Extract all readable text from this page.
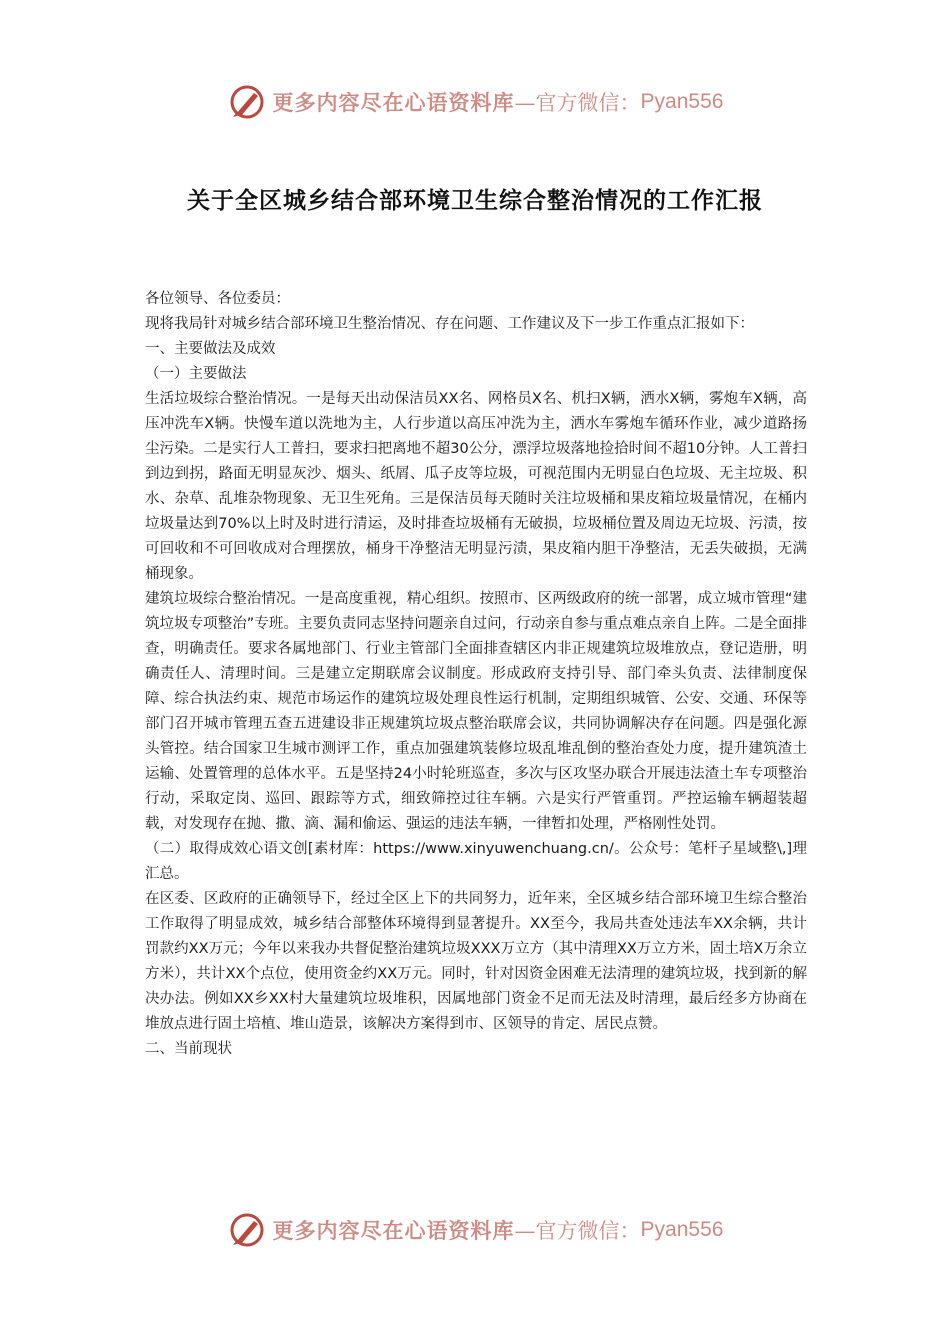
更多内容尽在心语资料库 —官方微信： Pyan556
关于全区城乡结合部环境卫生综合整治情况的工作汇报

各位领导、各位委员：

现将我局针对城乡结合部环境卫生整治情况、存在问题、工作建议及下一步工作重点汇报如下：

一、主要做法及成效

（一）主要做法

生活垃圾综合整治情况。一是每天出动保洁员XX名、网格员X名、机扫X辆，洒水X辆，雾炮车X辆，高压冲洗车X辆。快慢车道以洗地为主，人行步道以高压冲洗为主，洒水车雾炮车循环作业，减少道路扬尘污染。二是实行人工普扫，要求扫把离地不超30公分，漂浮垃圾落地捡拾时间不超10分钟。人工普扫到边到拐，路面无明显灰沙、烟头、纸屑、瓜子皮等垃圾，可视范围内无明显白色垃圾、无主垃圾、积水、杂草、乱堆杂物现象、无卫生死角。三是保洁员每天随时关注垃圾桶和果皮箱垃圾量情况，在桶内垃圾量达到70%以上时及时进行清运，及时排查垃圾桶有无破损，垃圾桶位置及周边无垃圾、污渍，按可回收和不可回收成对合理摆放，桶身干净整洁无明显污渍，果皮箱内胆干净整洁，无丢失破损，无满桶现象。

建筑垃圾综合整治情况。一是高度重视，精心组织。按照市、区两级政府的统一部署，成立城市管理“建筑垃圾专项整治”专班。主要负责同志坚持问题亲自过问，行动亲自参与重点难点亲自上阵。二是全面排查，明确责任。要求各属地部门、行业主管部门全面排查辖区内非正规建筑垃圾堆放点，登记造册，明确责任人、清理时间。三是建立定期联席会议制度。形成政府支持引导、部门牵头负责、法律制度保障、综合执法约束、规范市场运作的建筑垃圾处理良性运行机制，定期组织城管、公安、交通、环保等部门召开城市管理五查五进建设非正规建筑垃圾点整治联席会议，共同协调解决存在问题。四是强化源头管控。结合国家卫生城市测评工作，重点加强建筑装修垃圾乱堆乱倒的整治查处力度，提升建筑渣土运输、处置管理的总体水平。五是坚持24小时轮班巡查，多次与区攻坚办联合开展违法渣土车专项整治行动，采取定岗、巡回、跟踪等方式，细致筛控过往车辆。六是实行严管重罚。严控运输车辆超装超载，对发现存在抛、撒、滴、漏和偷运、强运的违法车辆，一律暂扣处理，严格刚性处罚。

（二）取得成效心语文创[素材库：https://www.xinyuwenchuang.cn/。公众号：笔杆子星域整\,]理汇总。

在区委、区政府的正确领导下，经过全区上下的共同努力，近年来，全区城乡结合部环境卫生综合整治工作取得了明显成效，城乡结合部整体环境得到显著提升。XX至今，我局共查处违法车XX余辆，共计罚款约XX万元；今年以来我办共督促整治建筑垃圾XXX万立方（其中清理XX万立方米，固土培X万余立方米），共计XX个点位，使用资金约XX万元。同时，针对因资金困难无法清理的建筑垃圾，找到新的解决办法。例如XX乡XX村大量建筑垃圾堆积，因属地部门资金不足而无法及时清理，最后经多方协商在堆放点进行固土培植、堆山造景，该解决方案得到市、区领导的肯定、居民点赞。

二、当前现状

更多内容尽在心语资料库 —官方微信： Pyan556
